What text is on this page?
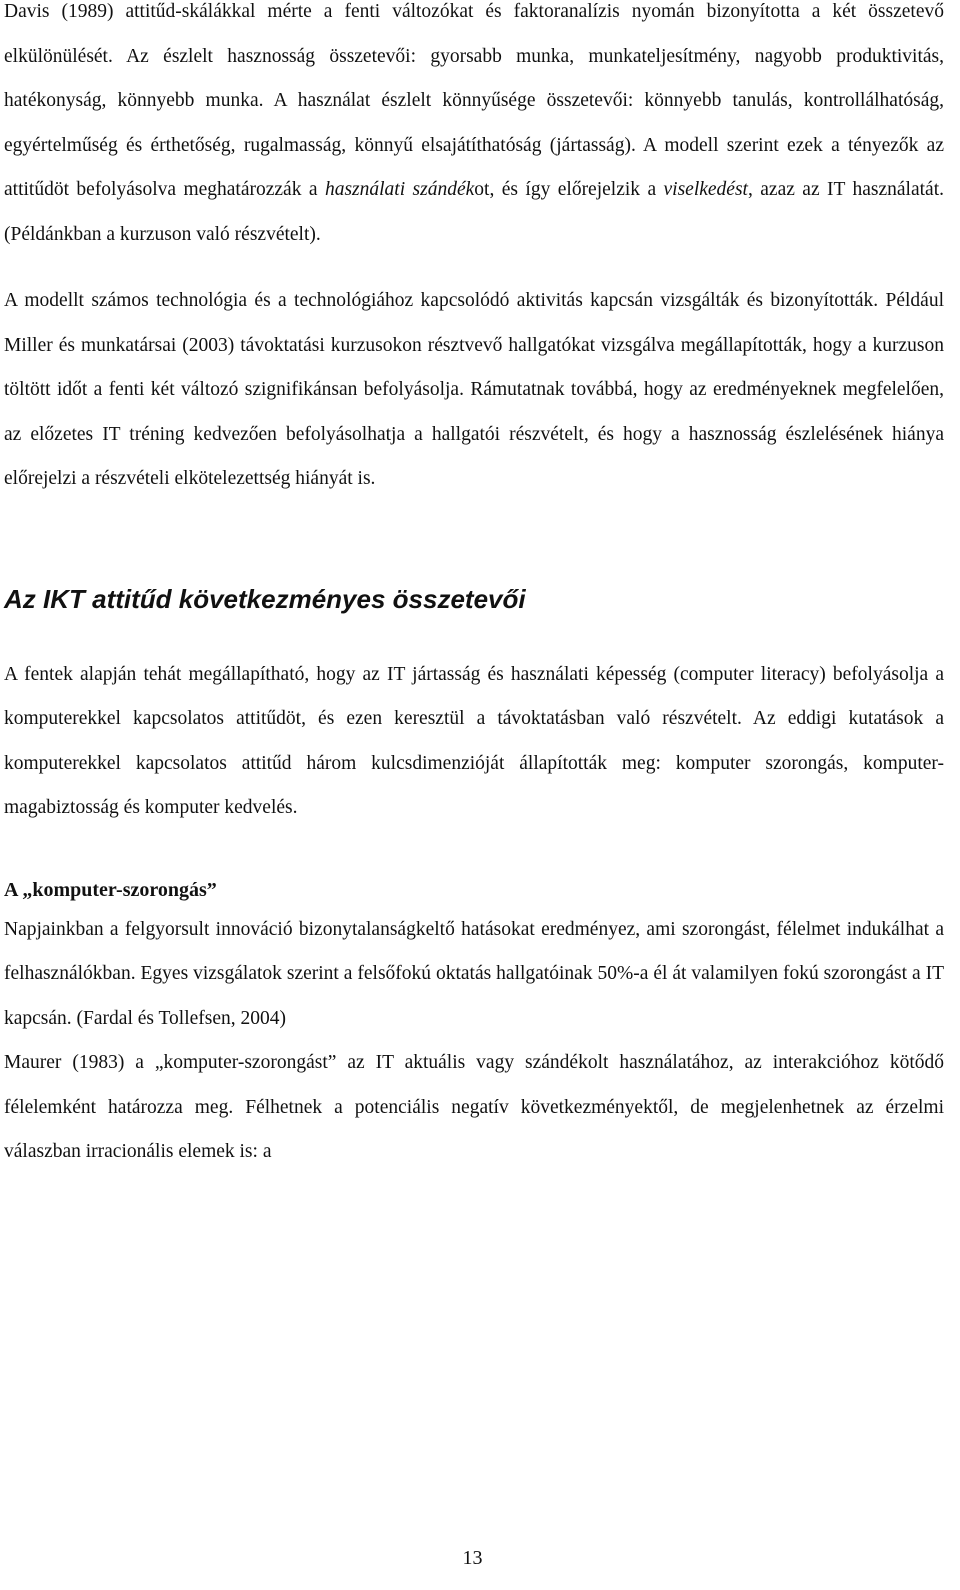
Davis (1989) attitűd-skálákkal mérte a fenti változókat és faktoranalízis nyomán bizonyította a két összetevő elkülönülését. Az észlelt hasznosság összetevői: gyorsabb munka, munkateljesítmény, nagyobb produktivitás, hatékonyság, könnyebb munka. A használat észlelt könnyűsége összetevői: könnyebb tanulás, kontrollálhatóság, egyértelműség és érthetőség, rugalmasság, könnyű elsajátíthatóság (jártasság). A modell szerint ezek a tényezők az attitűdöt befolyásolva meghatározzák a használati szándékot, és így előrejelzik a viselkedést, azaz az IT használatát. (Példánkban a kurzuson való részvételt).

A modellt számos technológia és a technológiához kapcsolódó aktivitás kapcsán vizsgálták és bizonyították. Például Miller és munkatársai (2003) távoktatási kurzusokon résztvevő hallgatókat vizsgálva megállapították, hogy a kurzuson töltött időt a fenti két változó szignifikánsan befolyásolja. Rámutatnak továbbá, hogy az eredményeknek megfelelően, az előzetes IT tréning kedvezően befolyásolhatja a hallgatói részvételt, és hogy a hasznosság észlelésének hiánya előrejelzi a részvételi elkötelezettség hiányát is.

Az IKT attitűd következményes összetevői

A fentek alapján tehát megállapítható, hogy az IT jártasság és használati képesség (computer literacy) befolyásolja a komputerekkel kapcsolatos attitűdöt, és ezen keresztül a távoktatásban való részvételt. Az eddigi kutatások a komputerekkel kapcsolatos attitűd három kulcsdimenzióját állapították meg: komputer szorongás, komputer-magabiztosság és komputer kedvelés.

A „komputer-szorongás”

Napjainkban a felgyorsult innováció bizonytalanságkeltő hatásokat eredményez, ami szorongást, félelmet indukálhat a felhasználókban. Egyes vizsgálatok szerint a felsőfokú oktatás hallgatóinak 50%-a él át valamilyen fokú szorongást a IT kapcsán. (Fardal és Tollefsen, 2004)

Maurer (1983) a „komputer-szorongást” az IT aktuális vagy szándékolt használatához, az interakcióhoz kötődő félelemként határozza meg. Félhetnek a potenciális negatív következményektől, de megjelenhetnek az érzelmi válaszban irracionális elemek is: a

13
